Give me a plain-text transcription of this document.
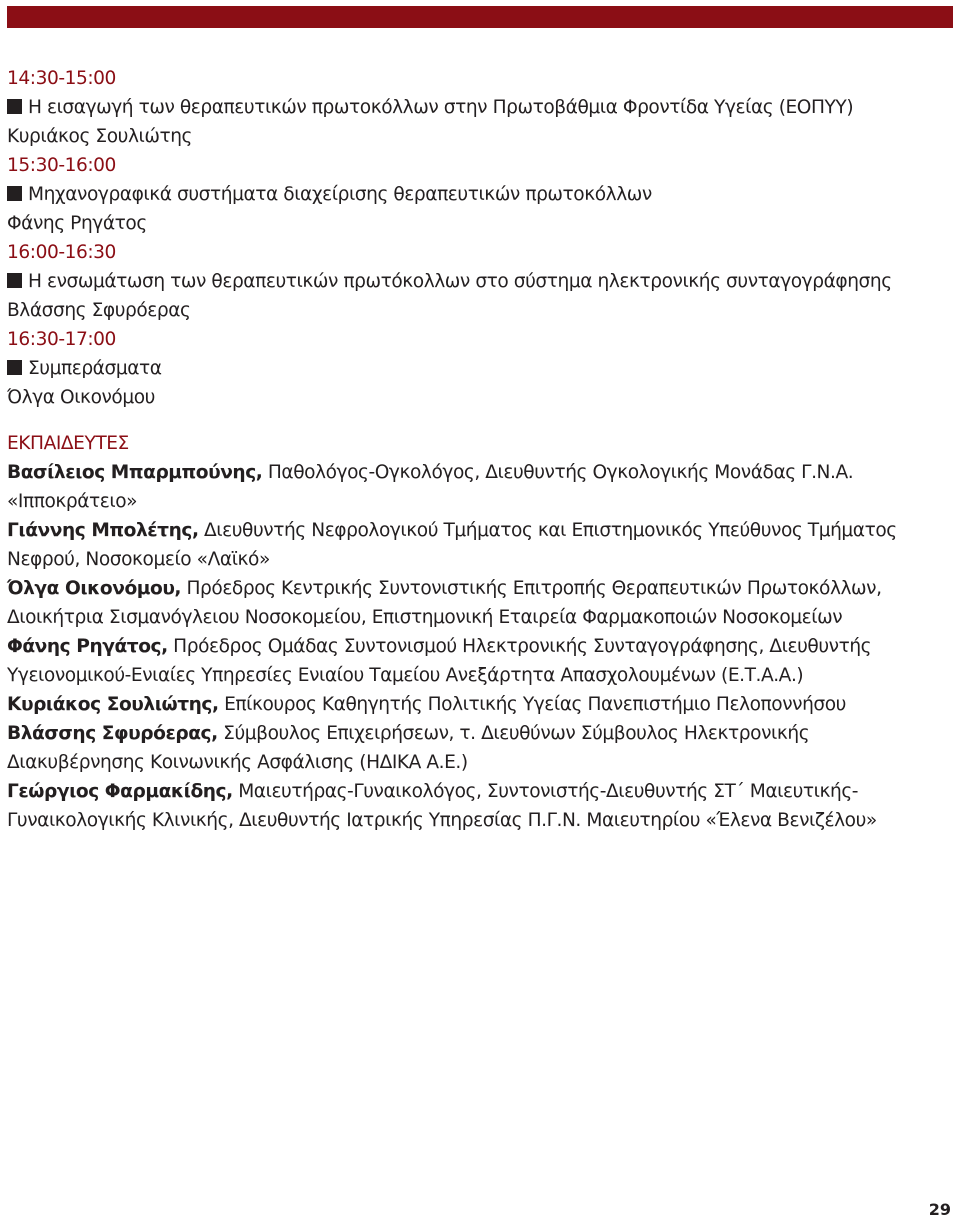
14:30-15:00
Η εισαγωγή των θεραπευτικών πρωτοκόλλων στην Πρωτοβάθμια Φροντίδα Υγείας (ΕΟΠΥΥ)
Κυριάκος Σουλιώτης
15:30-16:00
Μηχανογραφικά συστήματα διαχείρισης θεραπευτικών πρωτοκόλλων
Φάνης Ρηγάτος
16:00-16:30
Η ενσωμάτωση των θεραπευτικών πρωτόκολλων στο σύστημα ηλεκτρονικής συνταγογράφησης
Βλάσσης Σφυρόερας
16:30-17:00
Συμπεράσματα
Όλγα Οικονόμου
ΕΚΠΑΙΔΕΥΤΕΣ
Βασίλειος Μπαρμπούνης, Παθολόγος-Ογκολόγος, Διευθυντής Ογκολογικής Μονάδας Γ.Ν.Α.
«Ιπποκράτειο»
Γιάννης Μπολέτης, Διευθυντής Νεφρολογικού Τμήματος και Επιστημονικός Υπεύθυνος Τμήματος
Νεφρού, Νοσοκομείο «Λαϊκό»
Όλγα Οικονόμου, Πρόεδρος Κεντρικής Συντονιστικής Επιτροπής Θεραπευτικών Πρωτοκόλλων,
Διοικήτρια Σισμανόγλειου Νοσοκομείου, Επιστημονική Εταιρεία Φαρμακοποιών Νοσοκομείων
Φάνης Ρηγάτος, Πρόεδρος Ομάδας Συντονισμού Ηλεκτρονικής Συνταγογράφησης, Διευθυντής
Υγειονομικού-Ενιαίες Υπηρεσίες Ενιαίου Ταμείου Ανεξάρτητα Απασχολουμένων (Ε.Τ.Α.Α.)
Κυριάκος Σουλιώτης, Επίκουρος Καθηγητής Πολιτικής Υγείας Πανεπιστήμιο Πελοποννήσου
Βλάσσης Σφυρόερας, Σύμβουλος Επιχειρήσεων, τ. Διευθύνων Σύμβουλος Ηλεκτρονικής
Διακυβέρνησης Κοινωνικής Ασφάλισης (ΗΔΙΚΑ Α.Ε.)
Γεώργιος Φαρμακίδης, Μαιευτήρας-Γυναικολόγος, Συντονιστής-Διευθυντής ΣΤ΄ Μαιευτικής-
Γυναικολογικής Κλινικής, Διευθυντής Ιατρικής Υπηρεσίας Π.Γ.Ν. Μαιευτηρίου «Έλενα Βενιζέλου»
29
